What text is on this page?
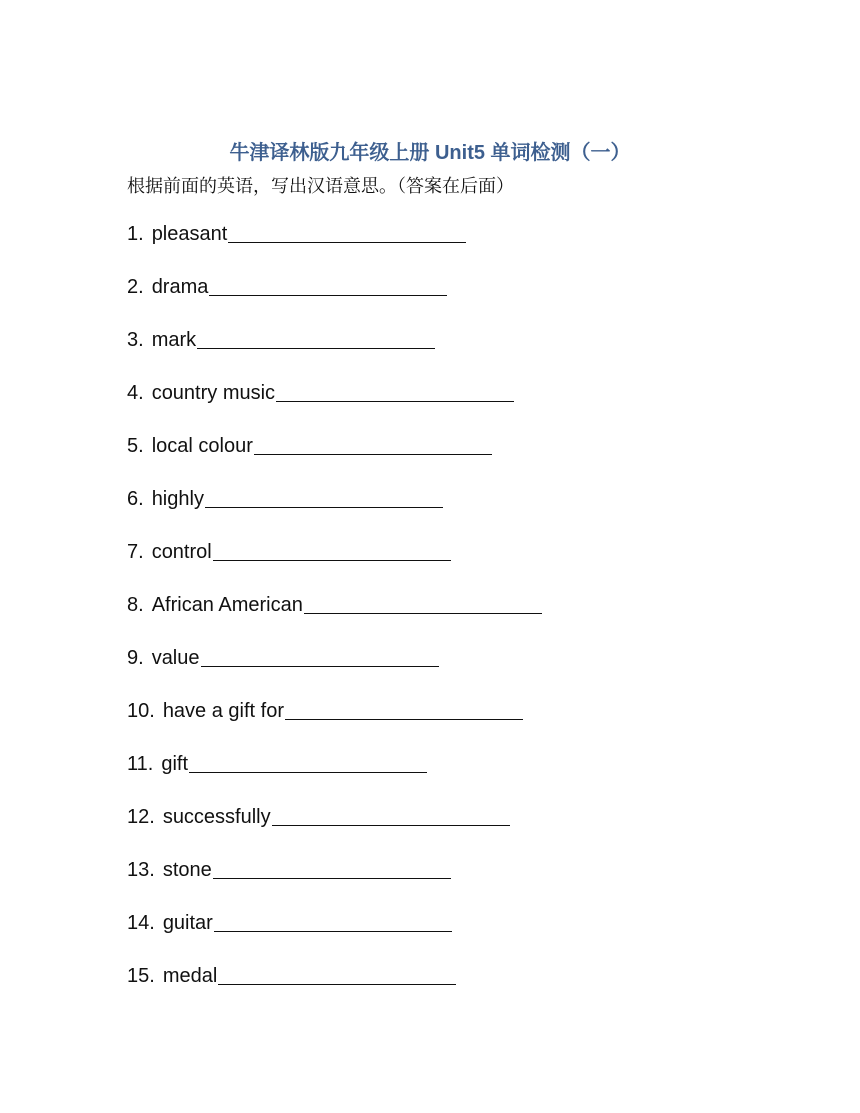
牛津译林版九年级上册 Unit5 单词检测（一）
根据前面的英语，写出汉语意思。（答案在后面）
1. pleasant
2. drama
3. mark
4. country music
5. local colour
6. highly
7. control
8. African American
9. value
10. have a gift for
11. gift
12. successfully
13. stone
14. guitar
15. medal
